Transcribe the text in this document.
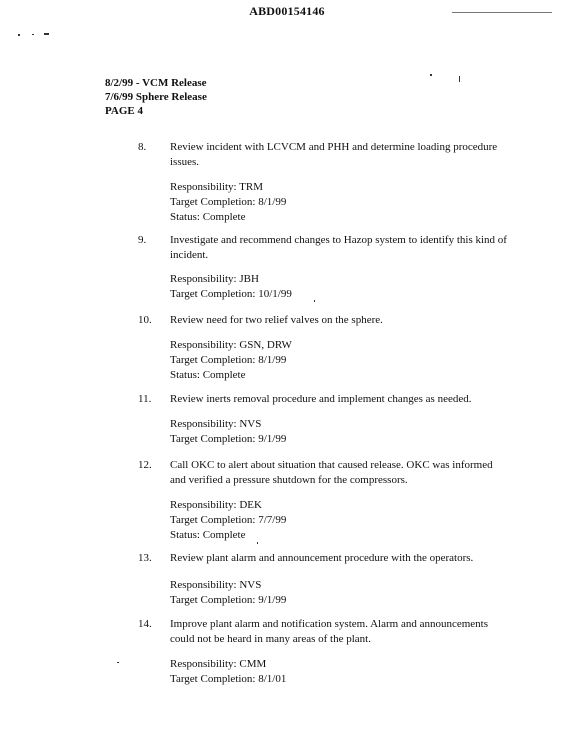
ABD00154146
8/2/99 - VCM Release
7/6/99 Sphere Release
PAGE 4
8. Review incident with LCVCM and PHH and determine loading procedure issues.
Responsibility: TRM
Target Completion: 8/1/99
Status: Complete
9. Investigate and recommend changes to Hazop system to identify this kind of incident.
Responsibility: JBH
Target Completion: 10/1/99
10. Review need for two relief valves on the sphere.
Responsibility: GSN, DRW
Target Completion: 8/1/99
Status: Complete
11. Review inerts removal procedure and implement changes as needed.
Responsibility: NVS
Target Completion: 9/1/99
12. Call OKC to alert about situation that caused release. OKC was informed and verified a pressure shutdown for the compressors.
Responsibility: DEK
Target Completion: 7/7/99
Status: Complete
13. Review plant alarm and announcement procedure with the operators.
Responsibility: NVS
Target Completion: 9/1/99
14. Improve plant alarm and notification system. Alarm and announcements could not be heard in many areas of the plant.
Responsibility: CMM
Target Completion: 8/1/01
